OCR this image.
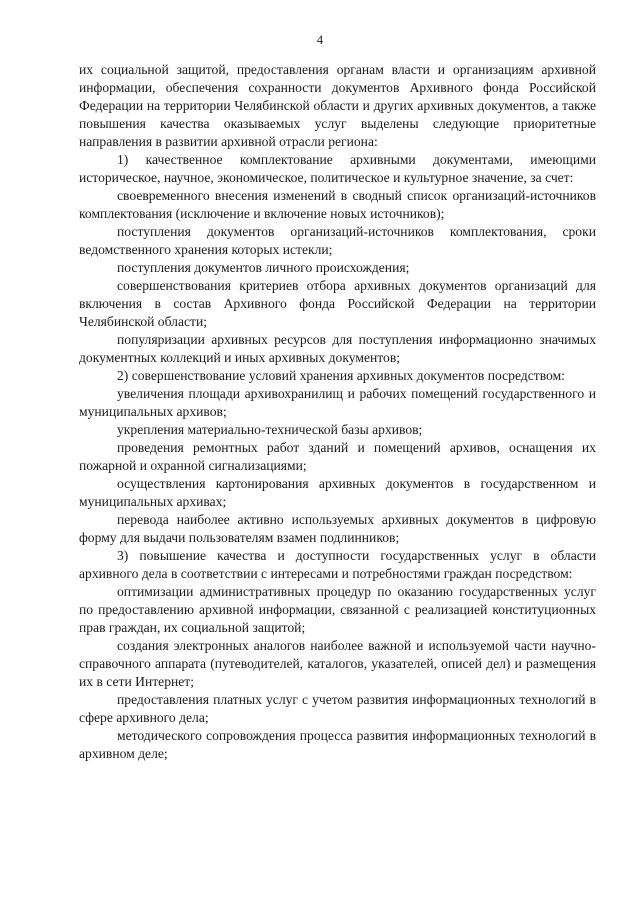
4

их социальной защитой, предоставления органам власти и организациям архивной информации, обеспечения сохранности документов Архивного фонда Российской Федерации на территории Челябинской области и других архивных документов, а также повышения качества оказываемых услуг выделены следующие приоритетные направления в развитии архивной отрасли региона:

1) качественное комплектование архивными документами, имеющими историческое, научное, экономическое, политическое и культурное значение, за счет:

своевременного внесения изменений в сводный список организаций-источников комплектования (исключение и включение новых источников);

поступления документов организаций-источников комплектования, сроки ведомственного хранения которых истекли;

поступления документов личного происхождения;

совершенствования критериев отбора архивных документов организаций для включения в состав Архивного фонда Российской Федерации на территории Челябинской области;

популяризации архивных ресурсов для поступления информационно значимых документных коллекций и иных архивных документов;

2) совершенствование условий хранения архивных документов посредством:

увеличения площади архивохранилищ и рабочих помещений государственного и муниципальных архивов;

укрепления материально-технической базы архивов;

проведения ремонтных работ зданий и помещений архивов, оснащения их пожарной и охранной сигнализациями;

осуществления картонирования архивных документов в государственном и муниципальных архивах;

перевода наиболее активно используемых архивных документов в цифровую форму для выдачи пользователям взамен подлинников;

3) повышение качества и доступности государственных услуг в области архивного дела в соответствии с интересами и потребностями граждан посредством:

оптимизации административных процедур по оказанию государственных услуг по предоставлению архивной информации, связанной с реализацией конституционных прав граждан, их социальной защитой;

создания электронных аналогов наиболее важной и используемой части научно-справочного аппарата (путеводителей, каталогов, указателей, описей дел) и размещения их в сети Интернет;

предоставления платных услуг с учетом развития информационных технологий в сфере архивного дела;

методического сопровождения процесса развития информационных технологий в архивном деле;
